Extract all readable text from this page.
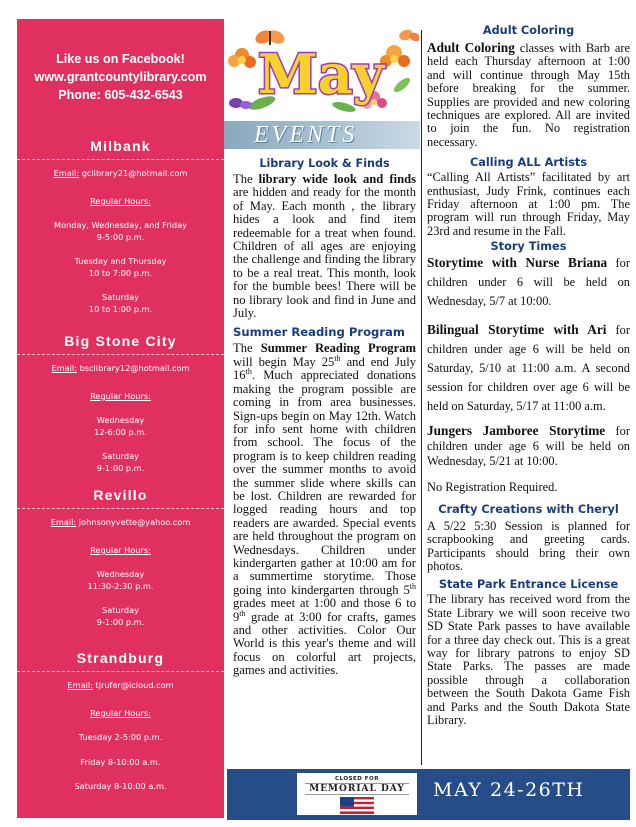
Like us on Facebook!
www.grantcountylibrary.com
Phone: 605-432-6543
Milbank
Email: gclibrary21@hotmail.com
Regular Hours:
Monday, Wednesday, and Friday
9-5:00 p.m.
Tuesday and Thursday
10 to 7:00 p.m.
Saturday
10 to 1:00 p.m.
Big Stone City
Email: bsclibrary12@hotmail.com
Regular Hours:
Wednesday
12-6:00 p.m.
Saturday
9-1:00 p.m.
Revillo
Email: johnsonyvette@yahoo.com
Regular Hours:
Wednesday
11:30-2:30 p.m.
Saturday
9-1:00 p.m.
Strandburg
Email: tjrufer@icloud.com
Regular Hours:
Tuesday 2-5:00 p.m.
Friday 8-10:00 a.m.
Saturday 8-10:00 a.m.
May
EVENTS
Library Look & Finds
The library wide look and finds are hidden and ready for the month of May. Each month , the library hides a look and find item redeemable for a treat when found. Children of all ages are enjoying the challenge and finding the library to be a real treat. This month, look for the bumble bees! There will be no library look and find in June and July.
Summer Reading Program
The Summer Reading Program will begin May 25th and end July 16th. Much appreciated donations making the program possible are coming in from area businesses. Sign-ups begin on May 12th. Watch for info sent home with children from school. The focus of the program is to keep children reading over the summer months to avoid the summer slide where skills can be lost. Children are rewarded for logged reading hours and top readers are awarded. Special events are held throughout the program on Wednesdays. Children under kindergarten gather at 10:00 am for a summertime storytime. Those going into kindergarten through 5th grades meet at 1:00 and those 6 to 9th grade at 3:00 for crafts, games and other activities. Color Our World is this year's theme and will focus on colorful art projects, games and activities.
Adult Coloring
Adult Coloring classes with Barb are held each Thursday afternoon at 1:00 and will continue through May 15th before breaking for the summer. Supplies are provided and new coloring techniques are explored. All are invited to join the fun. No registration necessary.
Calling ALL Artists
“Calling All Artists” facilitated by art enthusiast, Judy Frink, continues each Friday afternoon at 1:00 pm. The program will run through Friday, May 23rd and resume in the Fall.
Story Times
Storytime with Nurse Briana for children under 6 will be held on Wednesday, 5/7 at 10:00.
Bilingual Storytime with Ari for children under age 6 will be held on Saturday, 5/10 at 11:00 a.m. A second session for children over age 6 will be held on Saturday, 5/17 at 11:00 a.m.
Jungers Jamboree Storytime for children under age 6 will be held on Wednesday, 5/21 at 10:00.
No Registration Required.
Crafty Creations with Cheryl
A 5/22 5:30 Session is planned for scrapbooking and greeting cards. Participants should bring their own photos.
State Park Entrance License
The library has received word from the State Library we will soon receive two SD State Park passes to have available for a three day check out. This is a great way for library patrons to enjoy SD State Parks. The passes are made possible through a collaboration between the South Dakota Game Fish and Parks and the South Dakota State Library.
CLOSED FOR
MEMORIAL DAY MAY 24-26TH
